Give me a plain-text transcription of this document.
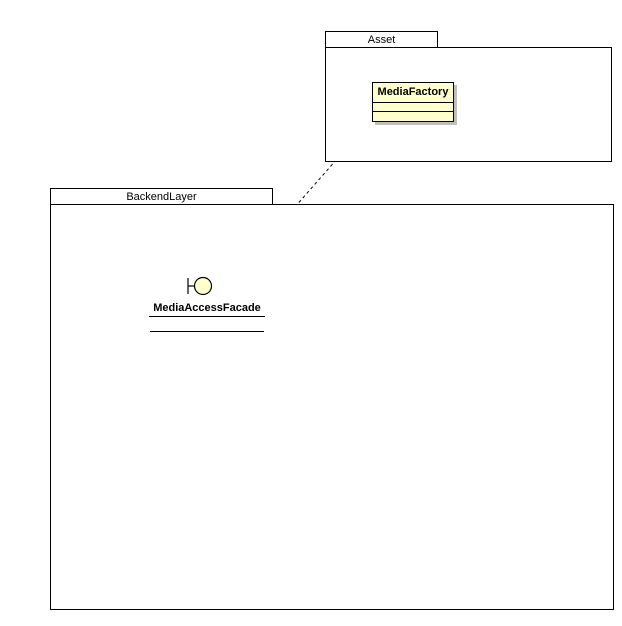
Asset
MediaFactory
BackendLayer
MediaAccessFacade
